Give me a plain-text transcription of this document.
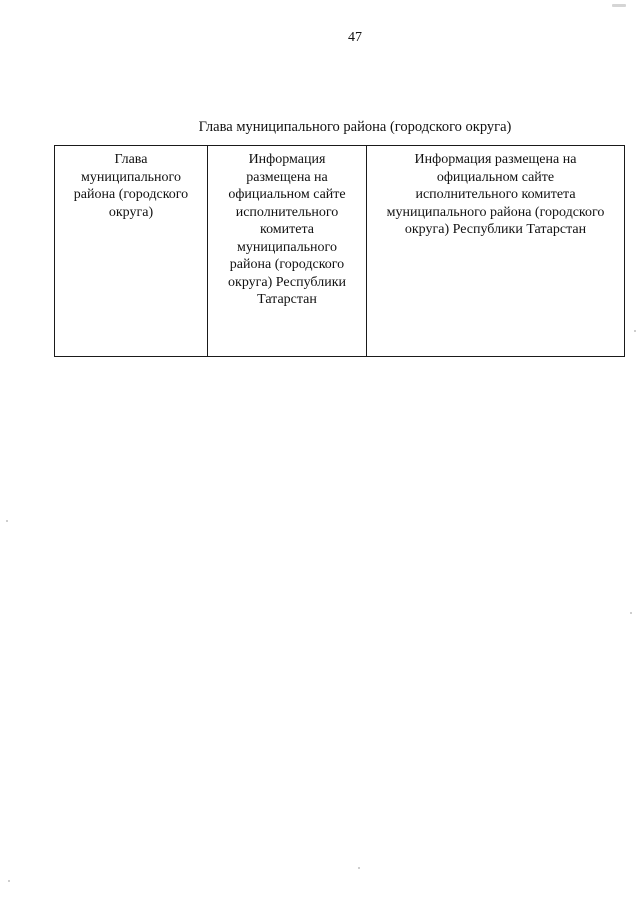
47
Глава муниципального района (городского округа)
Глава
муниципального
района (городского
округа)

Информация
размещена на
официальном сайте
исполнительного
комитета
муниципального
района (городского
округа) Республики
Татарстан

Информация размещена на
официальном сайте
исполнительного комитета
муниципального района (городского
округа) Республики Татарстан
